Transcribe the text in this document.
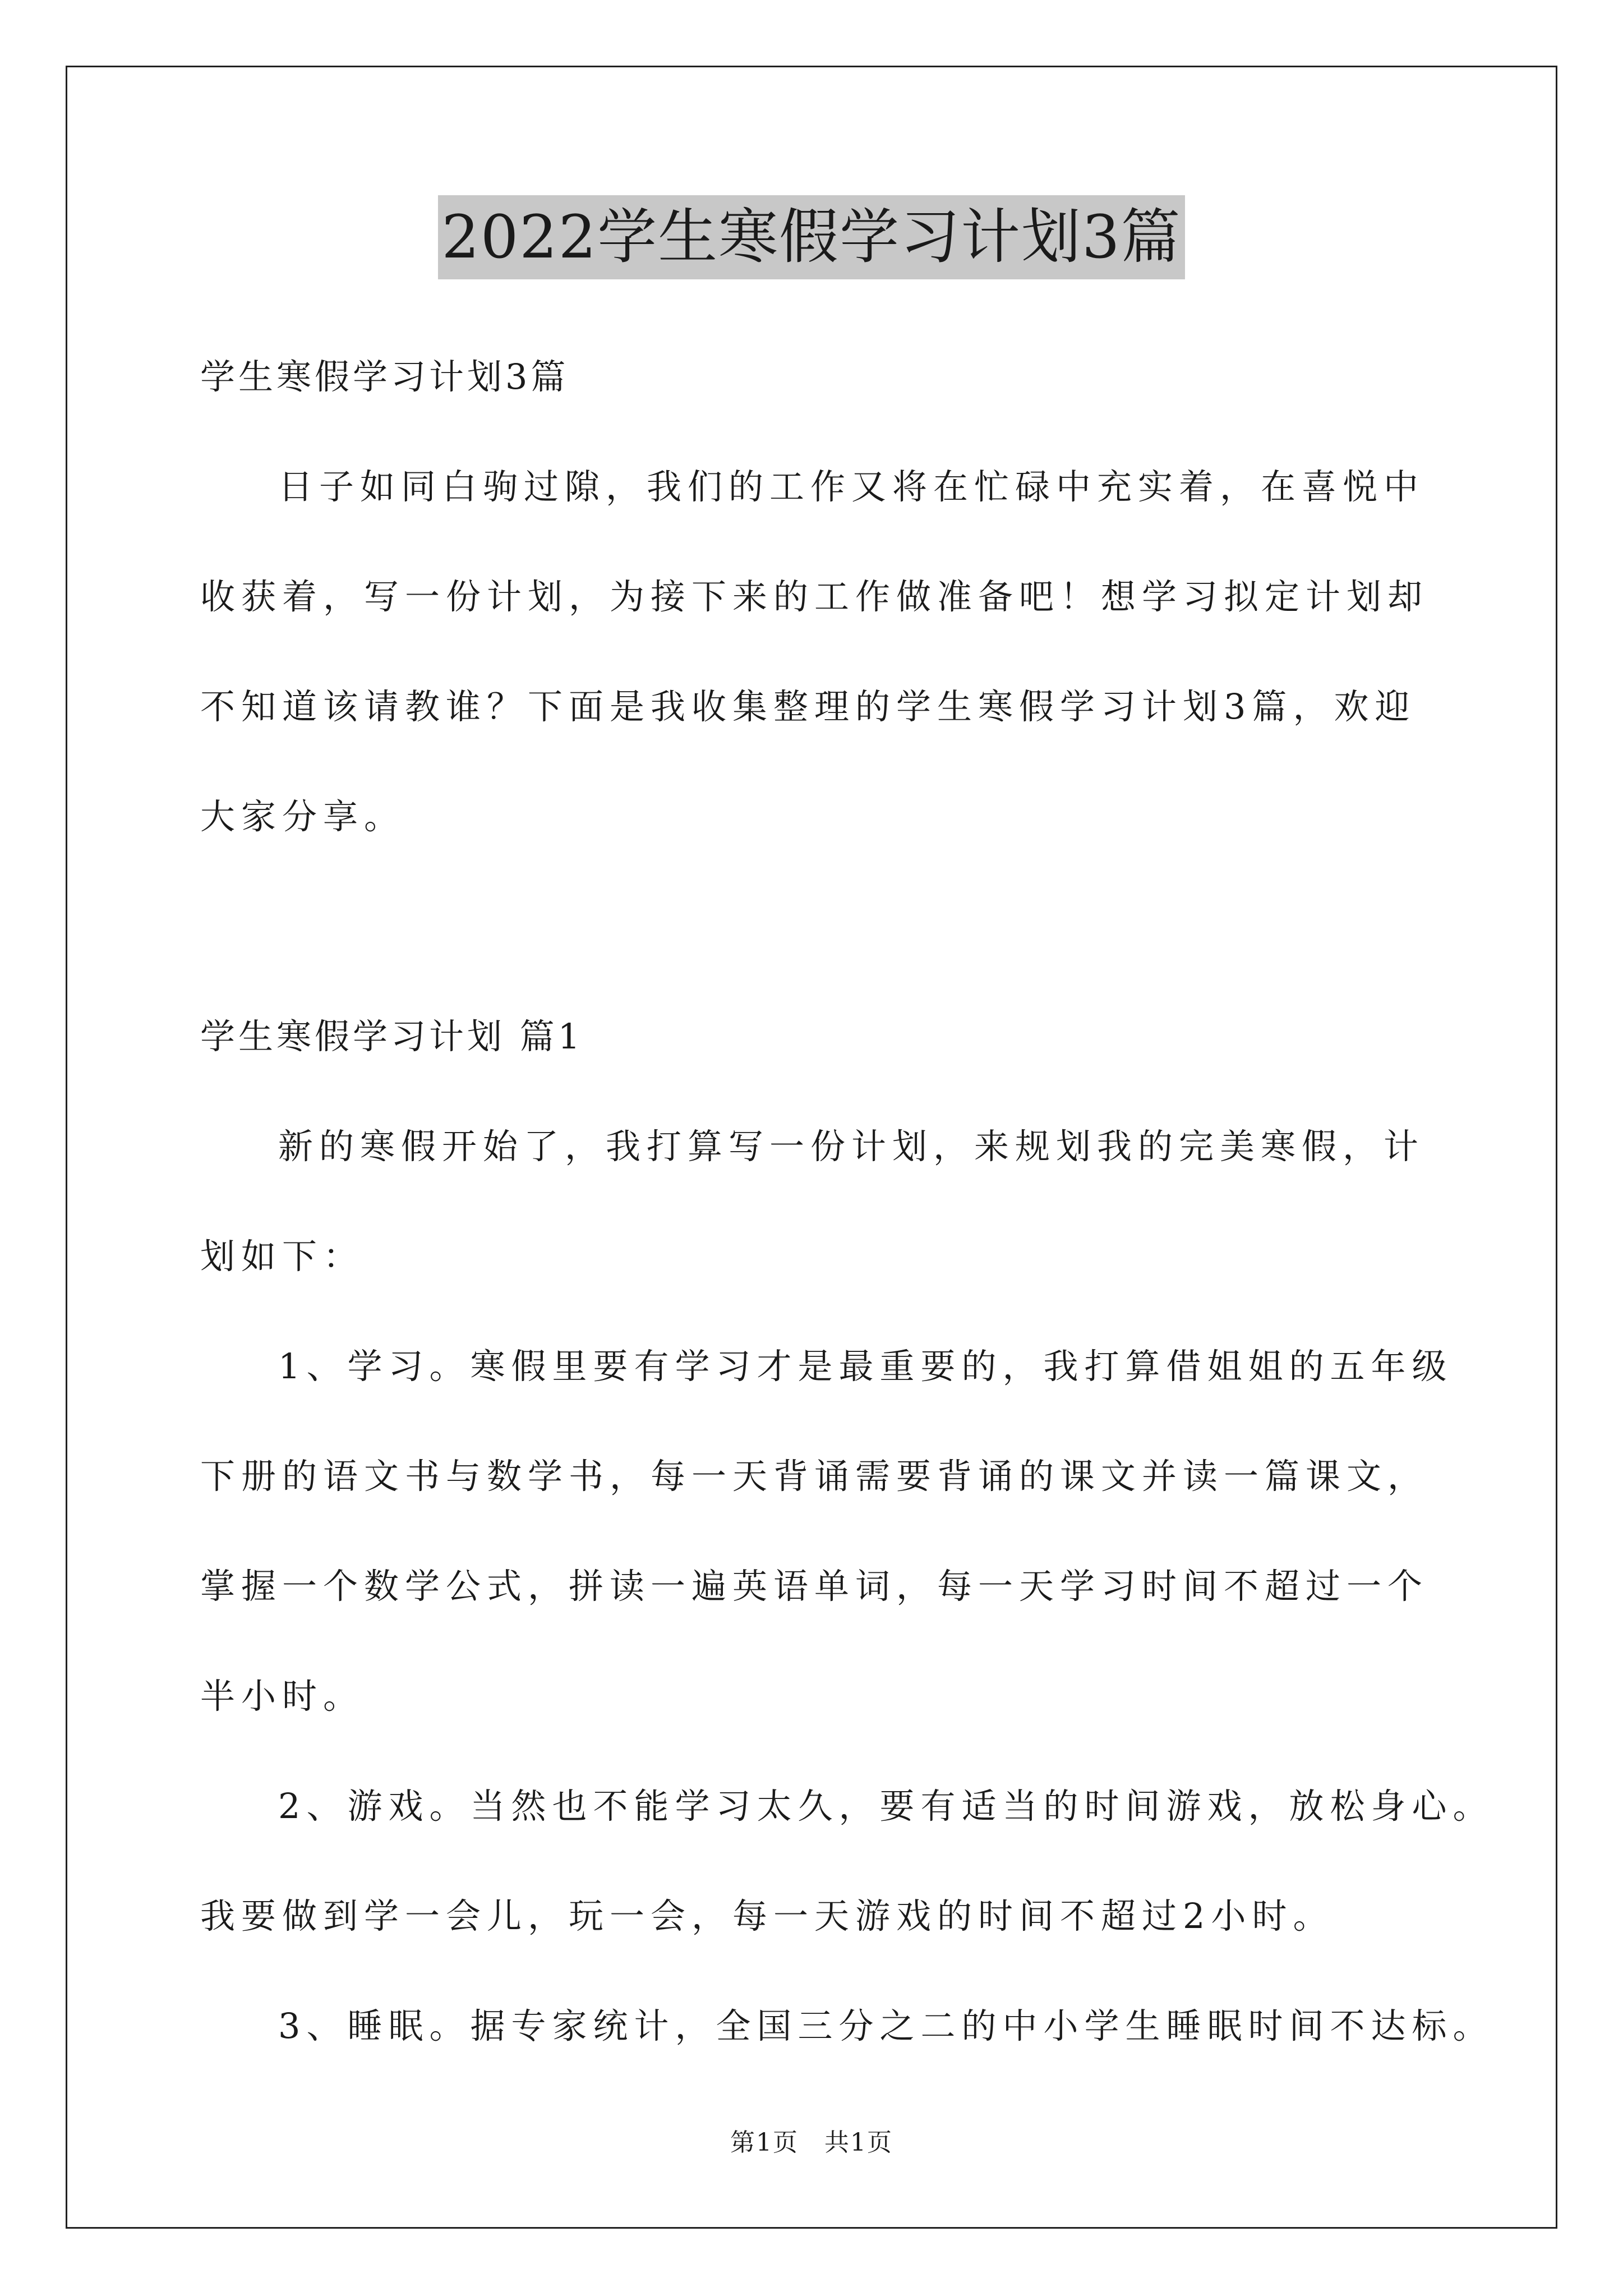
2022学生寒假学习计划3篇

学生寒假学习计划3篇

日子如同白驹过隙，我们的工作又将在忙碌中充实着，在喜悦中

收获着，写一份计划，为接下来的工作做准备吧！想学习拟定计划却

不知道该请教谁？下面是我收集整理的学生寒假学习计划3篇，欢迎

大家分享。

学生寒假学习计划 篇1

新的寒假开始了，我打算写一份计划，来规划我的完美寒假，计

划如下：

1、学习。寒假里要有学习才是最重要的，我打算借姐姐的五年级

下册的语文书与数学书，每一天背诵需要背诵的课文并读一篇课文，

掌握一个数学公式，拼读一遍英语单词，每一天学习时间不超过一个

半小时。

2、游戏。当然也不能学习太久，要有适当的时间游戏，放松身心。

我要做到学一会儿，玩一会，每一天游戏的时间不超过2小时。

3、睡眠。据专家统计，全国三分之二的中小学生睡眠时间不达标。

第1页　共1页
